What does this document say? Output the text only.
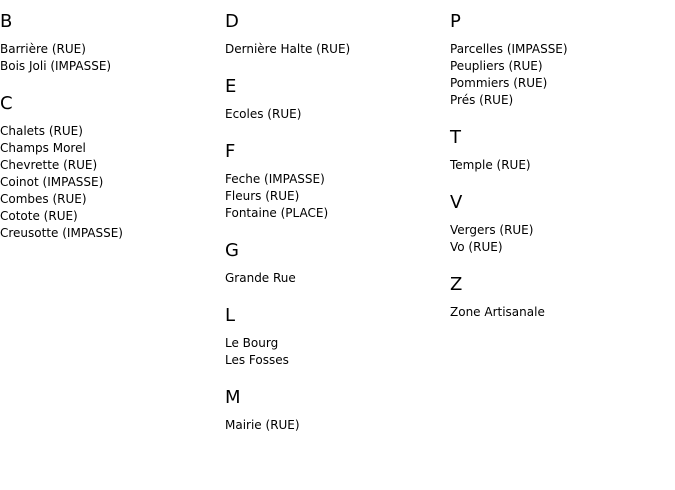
B
Barrière (RUE)
Bois Joli (IMPASSE)
C
Chalets (RUE)
Champs Morel
Chevrette (RUE)
Coinot (IMPASSE)
Combes (RUE)
Cotote (RUE)
Creusotte (IMPASSE)
D
Dernière Halte (RUE)
E
Ecoles (RUE)
F
Feche (IMPASSE)
Fleurs (RUE)
Fontaine (PLACE)
G
Grande Rue
L
Le Bourg
Les Fosses
M
Mairie (RUE)
P
Parcelles (IMPASSE)
Peupliers (RUE)
Pommiers (RUE)
Prés (RUE)
T
Temple (RUE)
V
Vergers (RUE)
Vo (RUE)
Z
Zone Artisanale
